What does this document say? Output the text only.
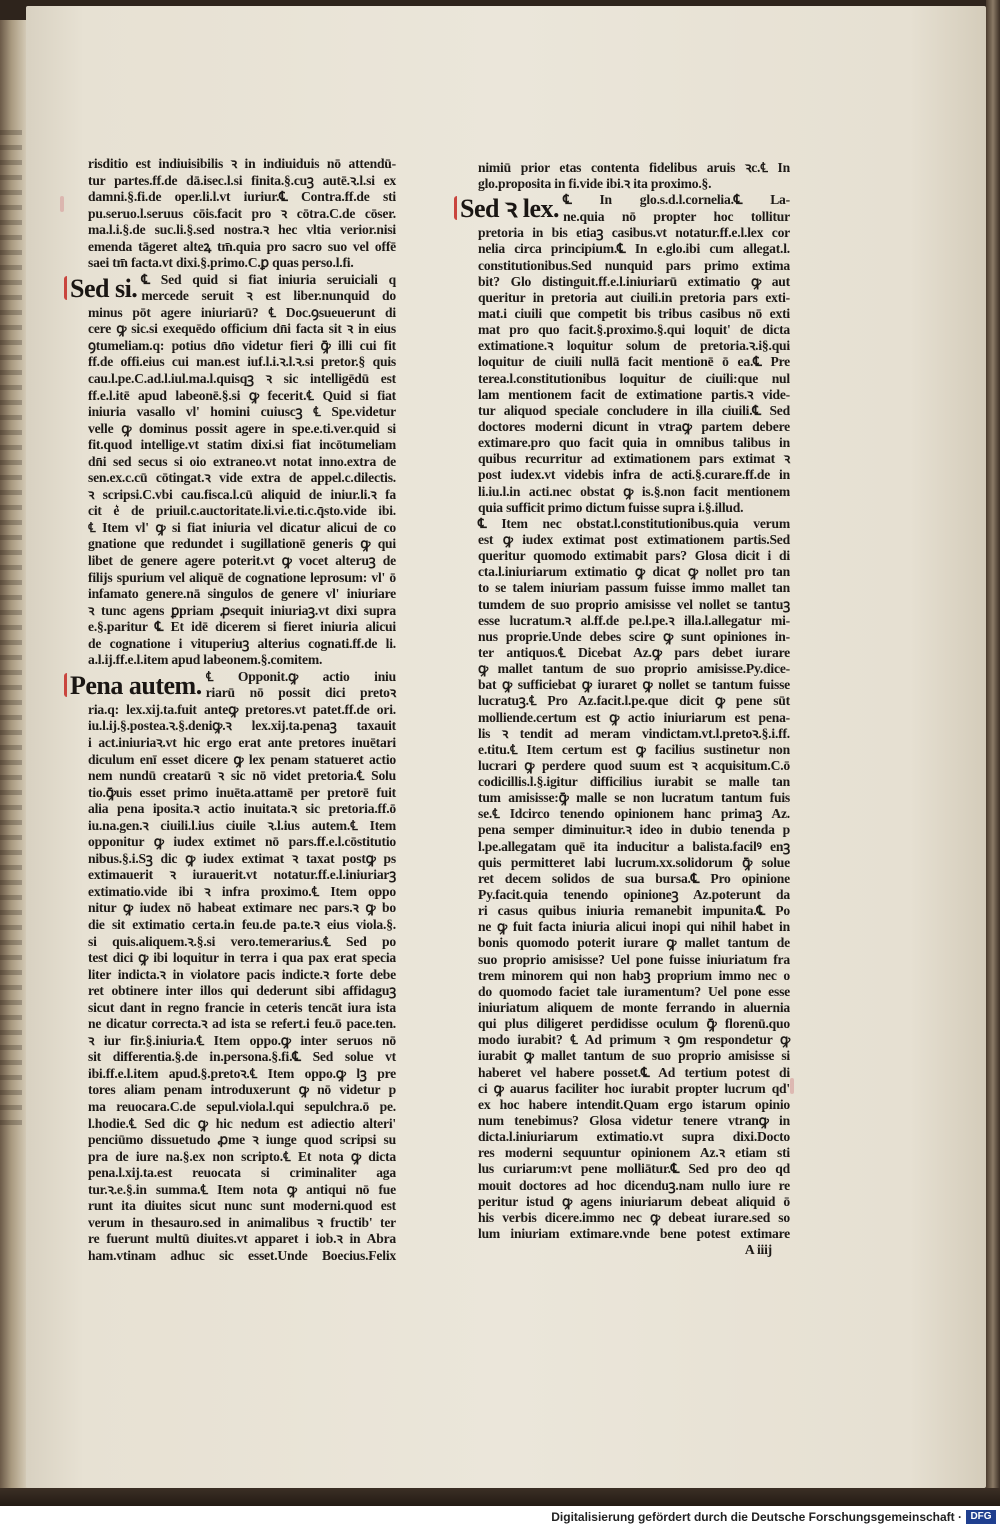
risditio est indiuisibilis ꝛ in indiuiduis nō attendū-
tur partes.ff.de dā.isec.l.si finita.§.cuꝫ autē.ꝛ.l.si ex
damni.§.fi.de oper.li.l.vt iuriur.℄ Contra.ff.de sti
pu.seruo.l.seruus cōis.facit pro ꝛ cōtra.C.de cōser.
ma.l.i.§.de suc.li.§.sed nostra.ꝛ hec vltia verior.nisi
emenda tāgeret alteꝝ tm̄.quia pro sacro suo vel offē
saei tm̄ facta.vt dixi.§.primo.C.ꝑ quas perso.l.fi.
Sed si. ℄ Sed quid si fiat iniuria seruiciali q
mercede seruit ꝛ est liber.nunquid do
minus pōt agere iniuriarū? ℄ Doc.ꝯsueuerunt di
cere ꝙ sic.si exequēdo officium dn̄i facta sit ꝛ in eius
ꝯtumeliam.q: potius dn̄o videtur fieri ꝙ̄ illi cui fit
ff.de offi.eius cui man.est iuf.l.i.ꝛ.l.ꝛ.si pretor.§ quis
cau.l.pe.C.ad.l.iul.ma.l.quisqꝫ ꝛ sic intelligēdū est
ff.e.l.itē apud labeonē.§.si ꝙ fecerit.℄ Quid si fiat
iniuria vasallo vl' homini cuiuscꝫ ℄ Spe.videtur
velle ꝙ dominus possit agere in spe.e.ti.ver.quid si
fit.quod intellige.vt statim dixi.si fiat incōtumeliam
dn̄i sed secus si oio extraneo.vt notat inno.extra de
sen.ex.c.cū cōtingat.ꝛ vide extra de appel.c.dilectis.
ꝛ scripsi.C.vbi cau.fisca.l.cū aliquid de iniur.li.ꝛ fa
cit e͛ de priuil.c.auctoritate.li.vi.e.ti.c.q̄sto.vide ibi.
℄ Item vl' ꝙ si fiat iniuria vel dicatur alicui de co
gnatione que redundet i sugillationē generis ꝙ qui
libet de genere agere poterit.vt ꝙ vocet alteruꝫ de
filijs spurium vel aliquē de cognatione leprosum: vl' ō
infamato genere.nā singulos de genere vl' iniuriare
ꝛ tunc agens ꝑpriam ꝓsequit iniuriaꝫ.vt dixi supra
e.§.paritur ℄ Et idē dicerem si fieret iniuria alicui
de cognatione i vituperiuꝫ alterius cognati.ff.de li.
a.l.ij.ff.e.l.item apud labeonem.§.comitem.
Pena autem. ℄ Opponit.ꝙ actio iniu
riarū nō possit dici pretoꝛ
ria.q: lex.xij.ta.fuit anteꝙ pretores.vt patet.ff.de ori.
iu.l.ij.§.postea.ꝛ.§.deniꝙ.ꝛ lex.xij.ta.penaꝫ taxauit
i act.iniuriaꝛ.vt hic ergo erat ante pretores inuētari
diculum enī esset dicere ꝙ lex penam statueret actio
nem nundū creatarū ꝛ sic nō videt pretoria.℄ Solu
tio.ꝙ̄uis esset primo inuēta.attamē per pretorē fuit
alia pena iposita.ꝛ actio inuitata.ꝛ sic pretoria.ff.ō
iu.na.gen.ꝛ ciuili.l.ius ciuile ꝛ.l.ius autem.℄ Item
opponitur ꝙ iudex extimet nō pars.ff.e.l.cōstitutio
nibus.§.i.Sꝫ dic ꝙ iudex extimat ꝛ taxat postꝙ ps
extimauerit ꝛ iurauerit.vt notatur.ff.e.l.iniuriarꝫ
extimatio.vide ibi ꝛ infra proximo.℄ Item oppo
nitur ꝙ iudex nō habeat extimare nec pars.ꝛ ꝙ bo
die sit extimatio certa.in feu.de pa.te.ꝛ eius viola.§.
si quis.aliquem.ꝛ.§.si vero.temerarius.℄ Sed po
test dici ꝙ ibi loquitur in terra i qua pax erat specia
liter indicta.ꝛ in violatore pacis indicte.ꝛ forte debe
ret obtinere inter illos qui dederunt sibi affidaguꝫ
sicut dant in regno francie in ceteris tencāt iura ista
ne dicatur correcta.ꝛ ad ista se refert.i feu.ō pace.ten.
ꝛ iur fir.§.iniuria.℄ Item oppo.ꝙ inter seruos nō
sit differentia.§.de in.persona.§.fi.℄ Sed solue vt
ibi.ff.e.l.item apud.§.pretoꝛ.℄ Item oppo.ꝙ lꝫ pre
tores aliam penam introduxerunt ꝙ nō videtur p
ma reuocara.C.de sepul.viola.l.qui sepulchra.ō pe.
l.hodie.℄ Sed dic ꝙ hic nedum est adiectio alteri'
penciūmo dissuetudo ꝓme ꝛ iunge quod scripsi su
pra de iure na.§.ex non scripto.℄ Et nota ꝙ dicta
pena.l.xij.ta.est reuocata si criminaliter aga
tur.ꝛ.e.§.in summa.℄ Item nota ꝙ antiqui nō fue
runt ita diuites sicut nunc sunt moderni.quod est
verum in thesauro.sed in animalibus ꝛ fructib' ter
re fuerunt multū diuites.vt apparet i iob.ꝛ in Abra
ham.vtinam adhuc sic esset.Unde Boecius.Felix
nimiū prior etas contenta fidelibus aruis ꝛc.℄ In
glo.proposita in fi.vide ibi.ꝛ ita proximo.§.
Sed ꝛ lex. ℄ In glo.s.d.l.cornelia.℄ La-
ne.quia nō propter hoc tollitur
pretoria in bis etiaꝫ casibus.vt notatur.ff.e.l.lex cor
nelia circa principium.℄ In e.glo.ibi cum allegat.l.
constitutionibus.Sed nunquid pars primo extima
bit? Glo distinguit.ff.e.l.iniuriarū extimatio ꝙ aut
queritur in pretoria aut ciuili.in pretoria pars exti-
mat.i ciuili que competit bis tribus casibus nō exti
mat pro quo facit.§.proximo.§.qui loquit' de dicta
extimatione.ꝛ loquitur solum de pretoria.ꝛ.i§.qui
loquitur de ciuili nullā facit mentionē ō ea.℄ Pre
terea.l.constitutionibus loquitur de ciuili:que nul
lam mentionem facit de extimatione partis.ꝛ vide-
tur aliquod speciale concludere in illa ciuili.℄ Sed
doctores moderni dicunt in vtraꝙ partem debere
extimare.pro quo facit quia in omnibus talibus in
quibus recurritur ad extimationem pars extimat ꝛ
post iudex.vt videbis infra de acti.§.curare.ff.de in
li.iu.l.in acti.nec obstat ꝙ is.§.non facit mentionem
quia sufficit primo dictum fuisse supra i.§.illud.
℄ Item nec obstat.l.constitutionibus.quia verum
est ꝙ iudex extimat post extimationem partis.Sed
queritur quomodo extimabit pars? Glosa dicit i di
cta.l.iniuriarum extimatio ꝙ dicat ꝙ nollet pro tan
to se talem iniuriam passum fuisse immo mallet tan
tumdem de suo proprio amisisse vel nollet se tantuꝫ
esse lucratum.ꝛ al.ff.de pe.l.pe.ꝛ illa.l.allegatur mi-
nus proprie.Unde debes scire ꝙ sunt opiniones in-
ter antiquos.℄ Dicebat Az.ꝙ pars debet iurare
ꝙ mallet tantum de suo proprio amisisse.Py.dice-
bat ꝙ sufficiebat ꝙ iuraret ꝙ nollet se tantum fuisse
lucratuꝫ.℄ Pro Az.facit.l.pe.que dicit ꝙ pene sūt
molliende.certum est ꝙ actio iniuriarum est pena-
lis ꝛ tendit ad meram vindictam.vt.l.pretoꝛ.§.i.ff.
e.titu.℄ Item certum est ꝙ facilius sustinetur non
lucrari ꝙ perdere quod suum est ꝛ acquisitum.C.ō
codicillis.l.§.igitur difficilius iurabit se malle tan
tum amisisse:ꝙ̄ malle se non lucratum tantum fuis
se.℄ Idcirco tenendo opinionem hanc primaꝫ Az.
pena semper diminuitur.ꝛ ideo in dubio tenenda p
l.pe.allegatam quē ita inducitur a balista.facilꝰ enꝫ
quis permitteret labi lucrum.xx.solidorum ꝙ̄ solue
ret decem solidos de sua bursa.℄ Pro opinione
Py.facit.quia tenendo opinioneꝫ Az.poterunt da
ri casus quibus iniuria remanebit impunita.℄ Po
ne ꝙ fuit facta iniuria alicui inopi qui nihil habet in
bonis quomodo poterit iurare ꝙ mallet tantum de
suo proprio amisisse? Uel pone fuisse iniuriatum fra
trem minorem qui non habꝫ proprium immo nec o
do quomodo faciet tale iuramentum? Uel pone esse
iniuriatum aliquem de monte ferrando in aluernia
qui plus diligeret perdidisse oculum ꝙ̄ florenū.quo
modo iurabit? ℄ Ad primum ꝛ ꝯm respondetur ꝙ
iurabit ꝙ mallet tantum de suo proprio amisisse si
haberet vel habere posset.℄ Ad tertium potest di
ci ꝙ auarus faciliter hoc iurabit propter lucrum qd'
ex hoc habere intendit.Quam ergo istarum opinio
num tenebimus? Glosa videtur tenere vtranꝙ in
dicta.l.iniuriarum extimatio.vt supra dixi.Docto
res moderni sequuntur opinionem Az.ꝛ etiam sti
lus curiarum:vt pene molliātur.℄ Sed pro deo qd
mouit doctores ad hoc dicenduꝫ.nam nullo iure re
peritur istud ꝙ agens iniuriarum debeat aliquid ō
his verbis dicere.immo nec ꝙ debeat iurare.sed so
lum iniuriam extimare.vnde bene potest extimare
A iiij
Digitalisierung gefördert durch die Deutsche Forschungsgemeinschaft · DFG
